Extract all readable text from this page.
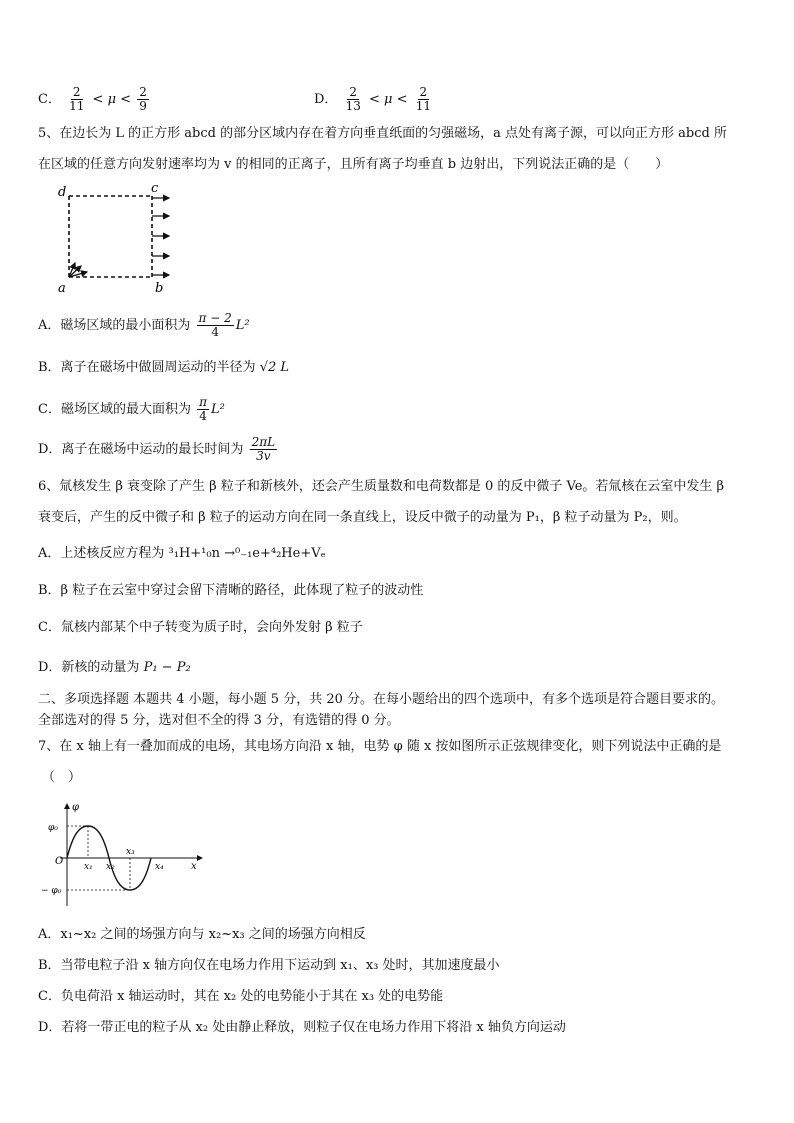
C． $\frac{2}{11} < \mu < \frac{2}{9}$	D． $\frac{2}{13} < \mu < \frac{2}{11}$
5、在边长为 L 的正方形 abcd 的部分区域内存在着方向垂直纸面的匀强磁场，a 点处有离子源，可以向正方形 abcd 所
在区域的任意方向发射速率均为 v 的相同的正离子，且所有离子均垂直 b 边射出，下列说法正确的是（　　）
d	c
a	b
A．磁场区域的最小面积为 $\frac{\pi - 2}{4} L^2$
B．离子在磁场中做圆周运动的半径为 √2 L
C．磁场区域的最大面积为 $\frac{\pi}{4} L^2$
D．离子在磁场中运动的最长时间为 $\frac{2\pi L}{3v}$
6、氚核发生 β 衰变除了产生 β 粒子和新核外，还会产生质量数和电荷数都是 0 的反中微子 Ve。若氚核在云室中发生 β
衰变后，产生的反中微子和 β 粒子的运动方向在同一条直线上，设反中微子的动量为 P₁，β 粒子动量为 P₂，则。
A．上述核反应方程为 ³₁H+¹₀n →⁰₋₁e+⁴₂He+Vₑ
B．β 粒子在云室中穿过会留下清晰的路径，此体现了粒子的波动性
C．氚核内部某个中子转变为质子时，会向外发射 β 粒子
D．新核的动量为 P₁ − P₂
二、多项选择题 本题共 4 小题，每小题 5 分，共 20 分。在每小题给出的四个选项中，有多个选项是符合题目要求的。
全部选对的得 5 分，选对但不全的得 3 分，有选错的得 0 分。
7、在 x 轴上有一叠加而成的电场，其电场方向沿 x 轴，电势 φ 随 x 按如图所示正弦规律变化，则下列说法中正确的是
（　）
φ
φ₀
− φ₀
O x₁ x₂
x₃
x₄	x
A．x₁~x₂ 之间的场强方向与 x₂~x₃ 之间的场强方向相反
B．当带电粒子沿 x 轴方向仅在电场力作用下运动到 x₁、x₃ 处时，其加速度最小
C．负电荷沿 x 轴运动时，其在 x₂ 处的电势能小于其在 x₃ 处的电势能
D．若将一带正电的粒子从 x₂ 处由静止释放，则粒子仅在电场力作用下将沿 x 轴负方向运动
